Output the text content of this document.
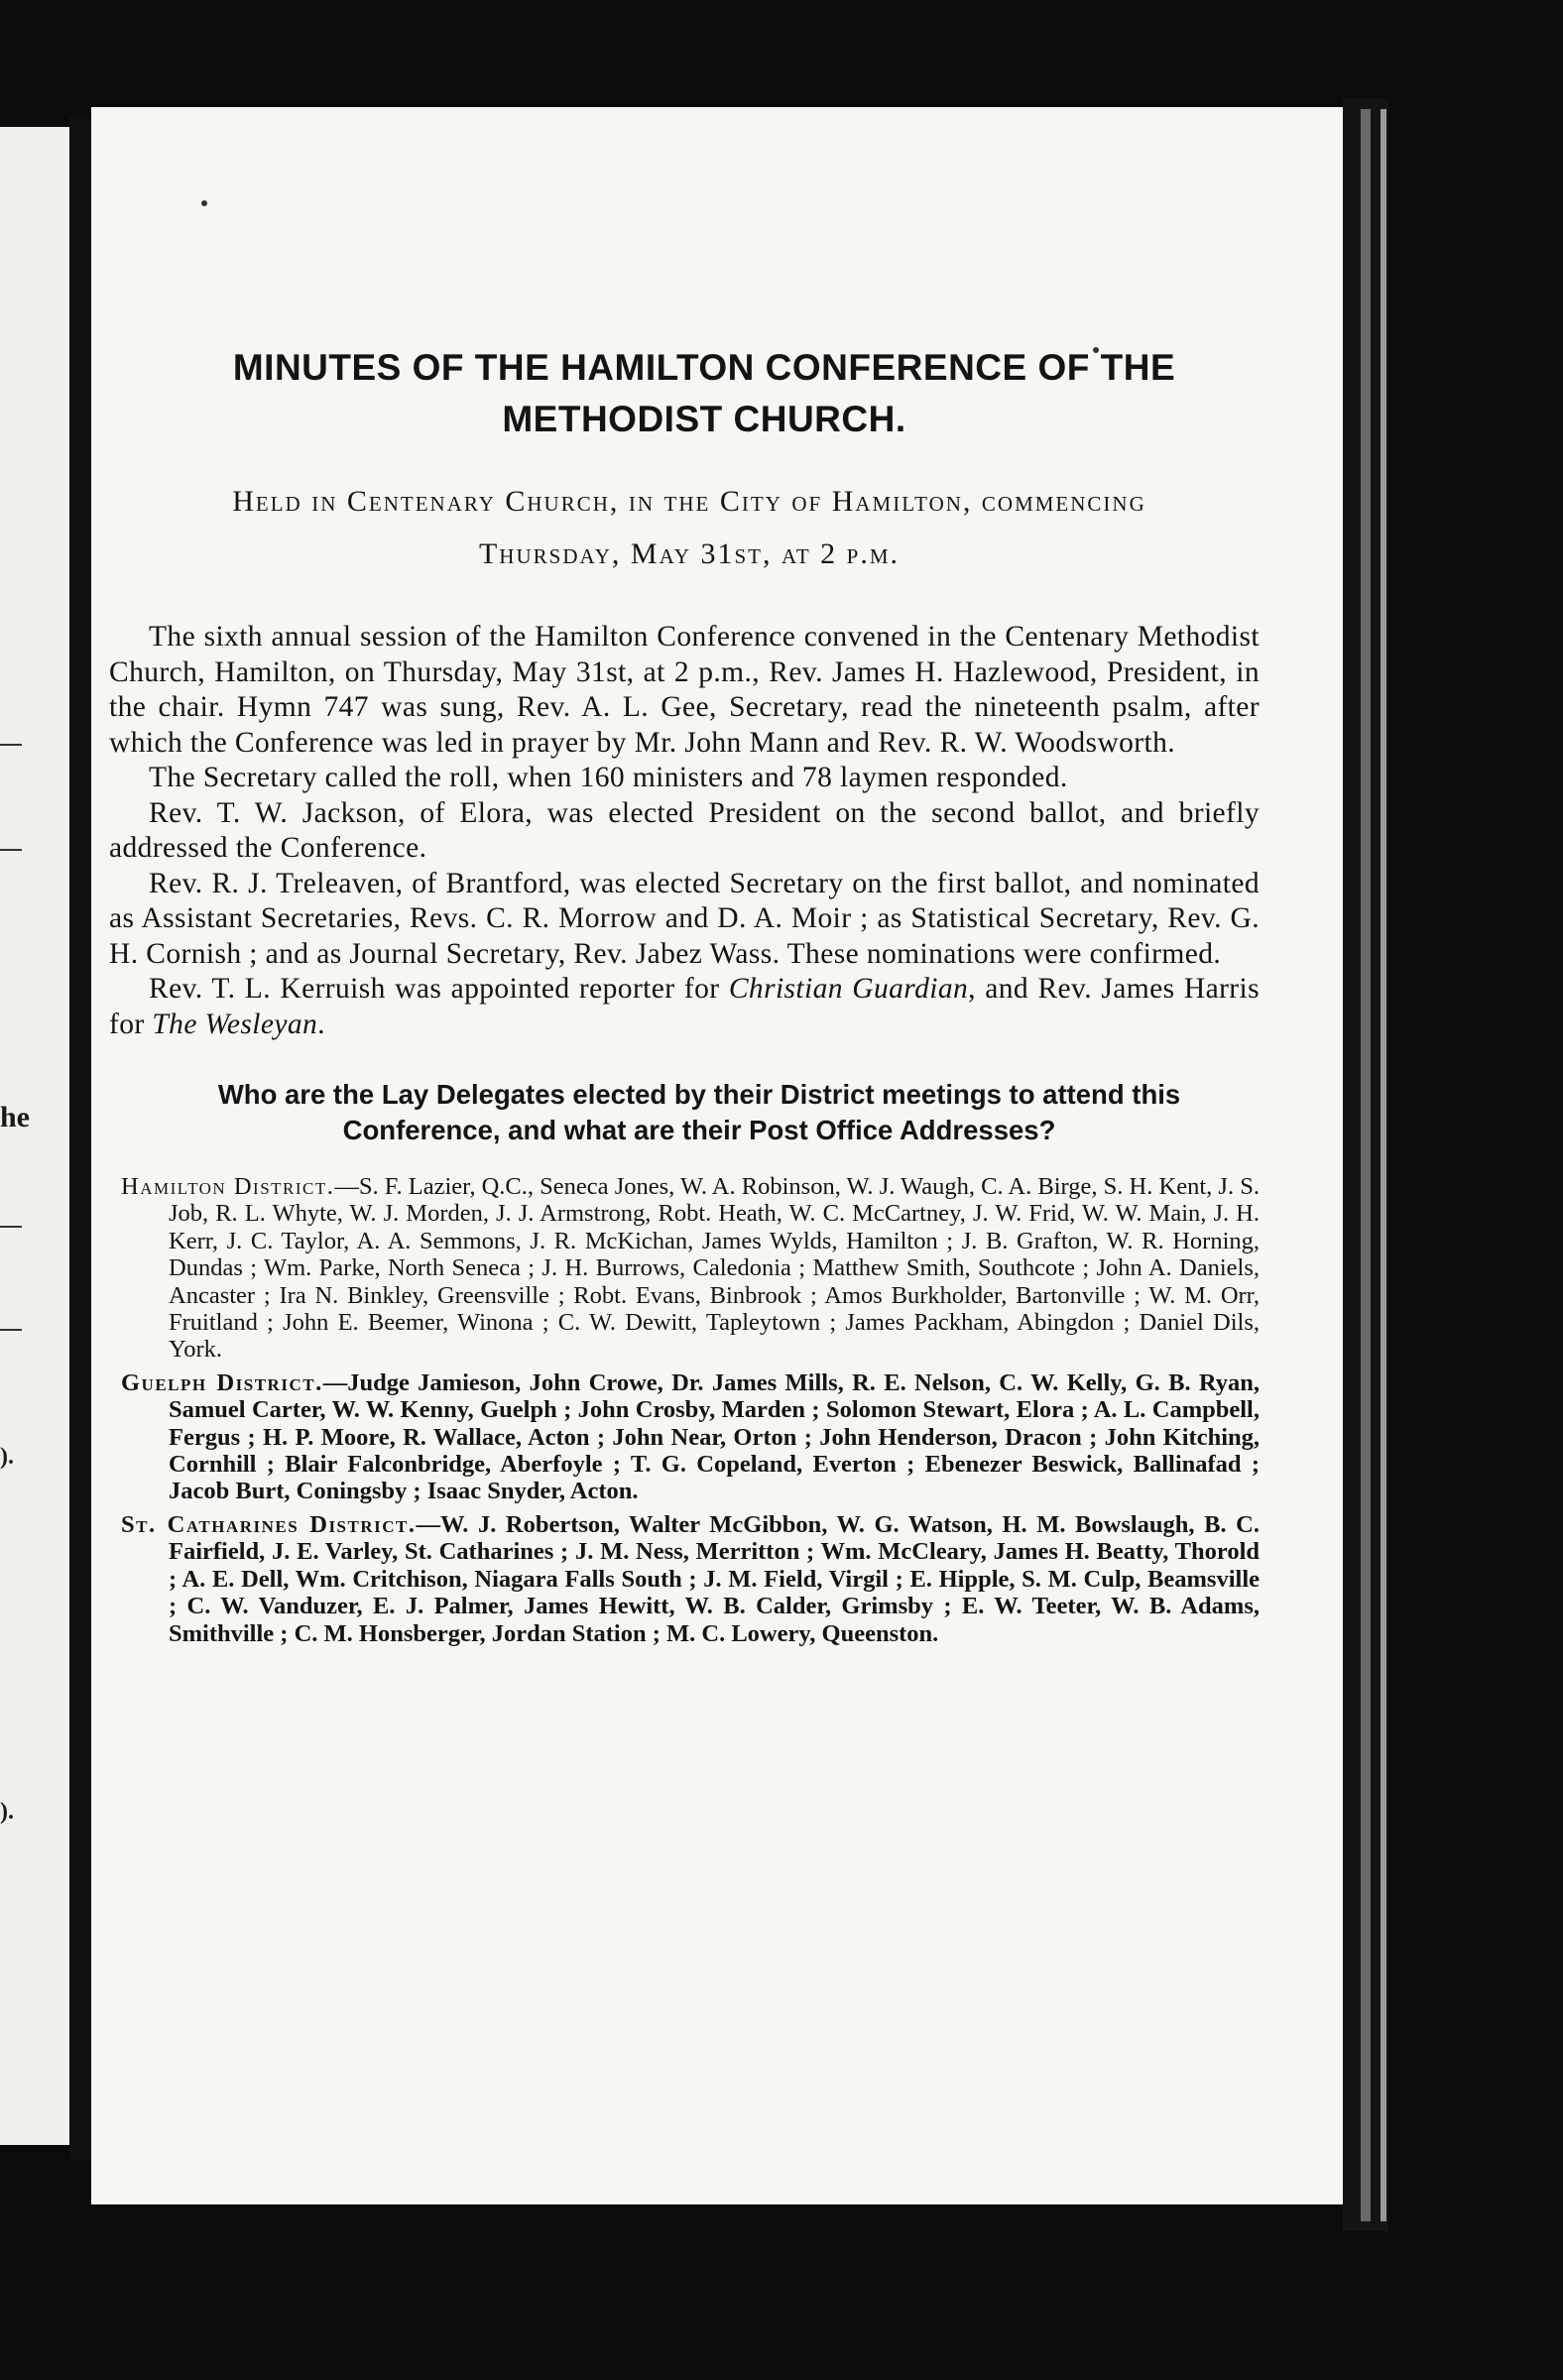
he
).
).
MINUTES OF THE HAMILTON CONFERENCE OF THE
METHODIST CHURCH.
Held in Centenary Church, in the City of Hamilton, commencing
Thursday, May 31st, at 2 p.m.

The sixth annual session of the Hamilton Conference convened in the Centenary Methodist Church, Hamilton, on Thursday, May 31st, at 2 p.m., Rev. James H. Hazlewood, President, in the chair. Hymn 747 was sung, Rev. A. L. Gee, Secretary, read the nineteenth psalm, after which the Conference was led in prayer by Mr. John Mann and Rev. R. W. Woodsworth.

The Secretary called the roll, when 160 ministers and 78 laymen responded.

Rev. T. W. Jackson, of Elora, was elected President on the second ballot, and briefly addressed the Conference.

Rev. R. J. Treleaven, of Brantford, was elected Secretary on the first ballot, and nominated as Assistant Secretaries, Revs. C. R. Morrow and D. A. Moir ; as Statistical Secretary, Rev. G. H. Cornish ; and as Journal Secretary, Rev. Jabez Wass. These nominations were confirmed.

Rev. T. L. Kerruish was appointed reporter for Christian Guardian, and Rev. James Harris for The Wesleyan.

Who are the Lay Delegates elected by their District meetings to attend this Conference, and what are their Post Office Addresses?

Hamilton District.—S. F. Lazier, Q.C., Seneca Jones, W. A. Robinson, W. J. Waugh, C. A. Birge, S. H. Kent, J. S. Job, R. L. Whyte, W. J. Morden, J. J. Armstrong, Robt. Heath, W. C. McCartney, J. W. Frid, W. W. Main, J. H. Kerr, J. C. Taylor, A. A. Semmons, J. R. McKichan, James Wylds, Hamilton ; J. B. Grafton, W. R. Horning, Dundas ; Wm. Parke, North Seneca ; J. H. Burrows, Caledonia ; Matthew Smith, Southcote ; John A. Daniels, Ancaster ; Ira N. Binkley, Greensville ; Robt. Evans, Binbrook ; Amos Burkholder, Bartonville ; W. M. Orr, Fruitland ; John E. Beemer, Winona ; C. W. Dewitt, Tapleytown ; James Packham, Abingdon ; Daniel Dils, York.

Guelph District.—Judge Jamieson, John Crowe, Dr. James Mills, R. E. Nelson, C. W. Kelly, G. B. Ryan, Samuel Carter, W. W. Kenny, Guelph ; John Crosby, Marden ; Solomon Stewart, Elora ; A. L. Campbell, Fergus ; H. P. Moore, R. Wallace, Acton ; John Near, Orton ; John Henderson, Dracon ; John Kitching, Cornhill ; Blair Falconbridge, Aberfoyle ; T. G. Copeland, Everton ; Ebenezer Beswick, Ballinafad ; Jacob Burt, Coningsby ; Isaac Snyder, Acton.

St. Catharines District.—W. J. Robertson, Walter McGibbon, W. G. Watson, H. M. Bowslaugh, B. C. Fairfield, J. E. Varley, St. Catharines ; J. M. Ness, Merritton ; Wm. McCleary, James H. Beatty, Thorold ; A. E. Dell, Wm. Critchison, Niagara Falls South ; J. M. Field, Virgil ; E. Hipple, S. M. Culp, Beamsville ; C. W. Vanduzer, E. J. Palmer, James Hewitt, W. B. Calder, Grimsby ; E. W. Teeter, W. B. Adams, Smithville ; C. M. Honsberger, Jordan Station ; M. C. Lowery, Queenston.
